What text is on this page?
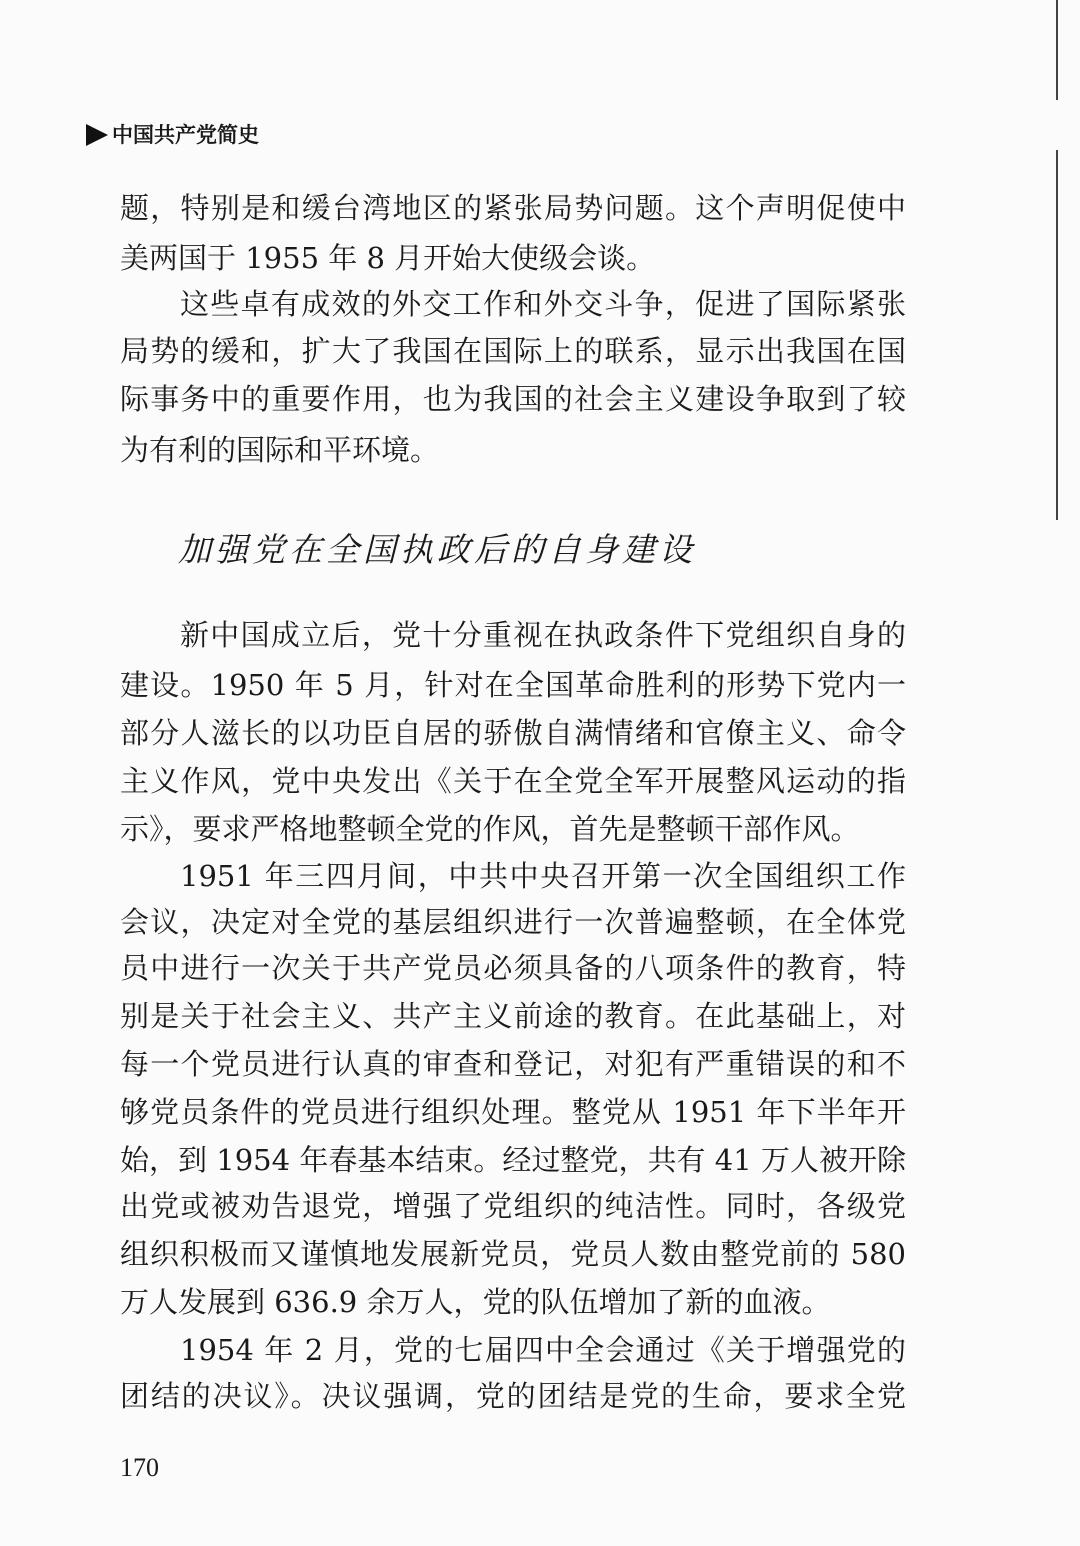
中国共产党简史
题，特别是和缓台湾地区的紧张局势问题。这个声明促使中
美两国于 1955 年 8 月开始大使级会谈。
这些卓有成效的外交工作和外交斗争，促进了国际紧张
局势的缓和，扩大了我国在国际上的联系，显示出我国在国
际事务中的重要作用，也为我国的社会主义建设争取到了较
为有利的国际和平环境。
加强党在全国执政后的自身建设
新中国成立后，党十分重视在执政条件下党组织自身的
建设。1950 年 5 月，针对在全国革命胜利的形势下党内一
部分人滋长的以功臣自居的骄傲自满情绪和官僚主义、命令
主义作风，党中央发出《关于在全党全军开展整风运动的指
示》，要求严格地整顿全党的作风，首先是整顿干部作风。
1951 年三四月间，中共中央召开第一次全国组织工作
会议，决定对全党的基层组织进行一次普遍整顿，在全体党
员中进行一次关于共产党员必须具备的八项条件的教育，特
别是关于社会主义、共产主义前途的教育。在此基础上，对
每一个党员进行认真的审查和登记，对犯有严重错误的和不
够党员条件的党员进行组织处理。整党从 1951 年下半年开
始，到 1954 年春基本结束。经过整党，共有 41 万人被开除
出党或被劝告退党，增强了党组织的纯洁性。同时，各级党
组织积极而又谨慎地发展新党员，党员人数由整党前的 580
万人发展到 636.9 余万人，党的队伍增加了新的血液。
1954 年 2 月，党的七届四中全会通过《关于增强党的
团结的决议》。决议强调，党的团结是党的生命，要求全党
170
